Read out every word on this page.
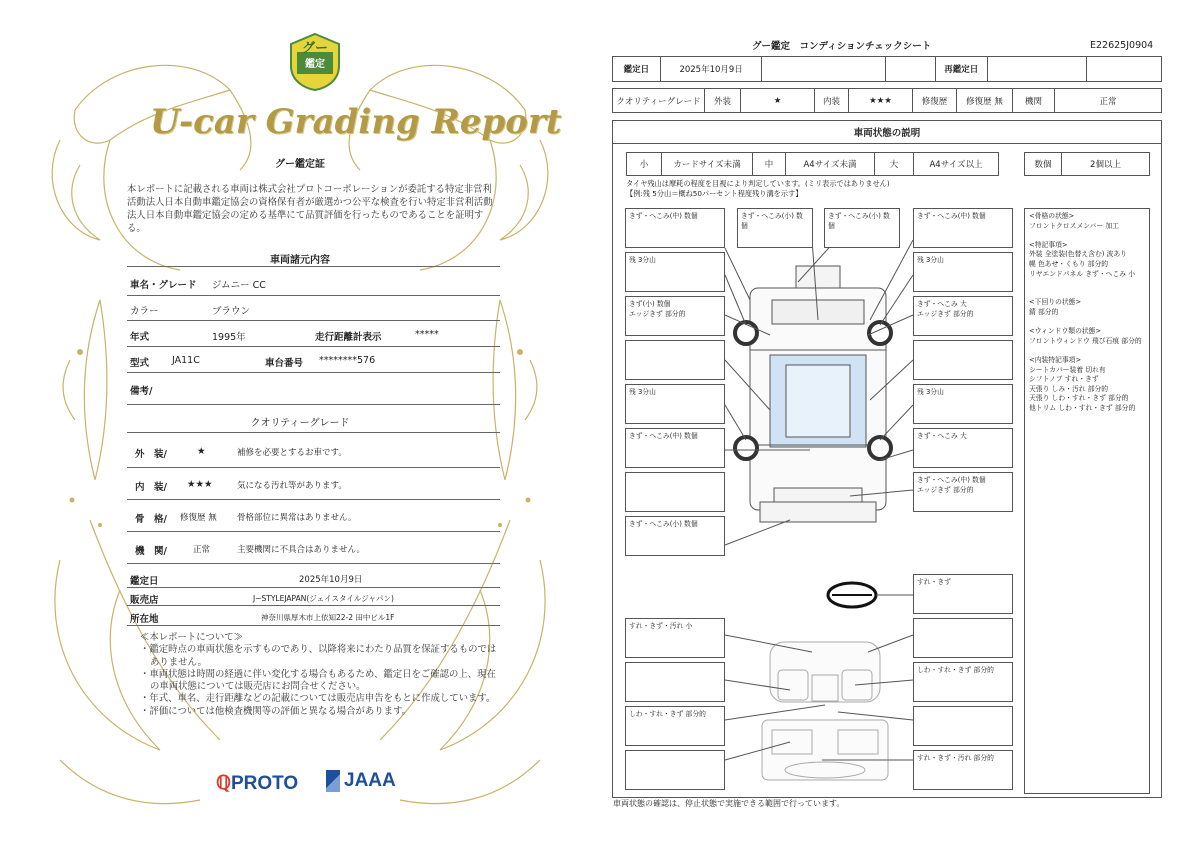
グー
鑑定
U-car Grading Report
グー鑑定証
本レポートに記載される車両は株式会社プロトコーポレーションが委託する特定非営利活動法人日本自動車鑑定協会の資格保有者が厳選かつ公平な検査を行い特定非営利活動法人日本自動車鑑定協会の定める基準にて品質評価を行ったものであることを証明する。
車両諸元内容
車名・グレード ジムニー CC
カラー	ブラウン
年式	1995年	走行距離計表示	*****
型式 JA11C	車台番号 ********576
備考/
クオリティーグレード
外　装/	★	補修を必要とするお車です。
内　装/ ★★★	気になる汚れ等があります。
骨　格/ 修復歴 無 骨格部位に異常はありません。
機　関/	正常	主要機関に不具合はありません。
鑑定日	2025年10月9日
販売店	J−STYLEJAPAN(ジェイスタイルジャパン)
所在地	神奈川県厚木市上依知22-2 田中ビル1F
≪本レポートについて≫
・鑑定時点の車両状態を示すものであり、以降将来にわたり品質を保証するものではありません。
・車両状態は時間の経過に伴い変化する場合もあるため、鑑定日をご確認の上、現在の車両状態については販売店にお問合せください。
・年式、車名、走行距離などの記載については販売店申告をもとに作成しています。
・評価については他検査機関等の評価と異なる場合があります。
ℚPROTO	JAAA
グー鑑定　コンディションチェックシート	E22625J0904
鑑定日	2025年10月9日	再鑑定日
クオリティーグレード	外装	★	内装	★★★	修復歴	修復歴 無	機関	正常
車両状態の説明
小	カードサイズ未満	中	A4サイズ未満	大	A4サイズ以上	数個	2個以上
タイヤ残山は摩耗の程度を目視により判定しています。(ミリ表示ではありません)
【例:残 5分山＝概ね50パーセント程度残り溝を示す】
きず・へこみ(中) 数個	きず・へこみ(小) 数個
きず・へこみ(小) 数個
きず・へこみ(中) 数個
残 3分山	残 3分山
きず(小) 数個
エッジきず 部分的
きず・へこみ 大
エッジきず 部分的
残 3分山	残 3分山
きず・へこみ(中) 数個	きず・へこみ 大
きず・へこみ(中) 数個
エッジきず 部分的
きず・へこみ(小) 数個
すれ・きず
すれ・きず・汚れ 小
しわ・すれ・きず 部分的
しわ・すれ・きず 部分的
すれ・きず・汚れ 部分的
<骨格の状態>
フロントクロスメンバー 加工
<特記事項>
外装 全塗装(色替え含む) 波あり
幌 色あせ・くもり 部分的
リヤエンドパネル きず・へこみ 小
<下回りの状態>
錆 部分的
<ウィンドウ類の状態>
フロントウィンドウ 飛び石痕 部分的
<内装特記事項>
シートカバー装着 切れ有
シフトノブ すれ・きず
天張り しみ・汚れ 部分的
天張り しわ・すれ・きず 部分的
他トリム しわ・すれ・きず 部分的
車両状態の確認は、停止状態で実施できる範囲で行っています。
